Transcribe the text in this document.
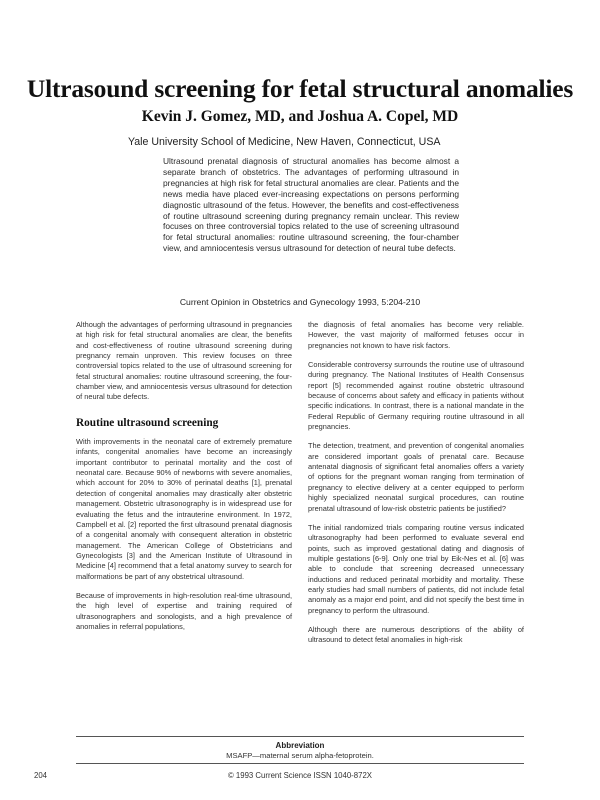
Ultrasound screening for fetal structural anomalies
Kevin J. Gomez, MD, and Joshua A. Copel, MD
Yale University School of Medicine, New Haven, Connecticut, USA
Ultrasound prenatal diagnosis of structural anomalies has become almost a separate branch of obstetrics. The advantages of performing ultrasound in pregnancies at high risk for fetal structural anomalies are clear. Patients and the news media have placed ever-increasing expectations on persons performing diagnostic ultrasound of the fetus. However, the benefits and cost-effectiveness of routine ultrasound screening during pregnancy remain unclear. This review focuses on three controversial topics related to the use of screening ultrasound for fetal structural anomalies: routine ultrasound screening, the four-chamber view, and amniocentesis versus ultrasound for detection of neural tube defects.
Current Opinion in Obstetrics and Gynecology 1993, 5:204-210

Although the advantages of performing ultrasound in pregnancies at high risk for fetal structural anomalies are clear, the benefits and cost-effectiveness of routine ultrasound screening during pregnancy remain unproven. This review focuses on three controversial topics related to the use of ultrasound screening for fetal structural anomalies: routine ultrasound screening, the four-chamber view, and amniocentesis versus ultrasound for detection of neural tube defects.

Routine ultrasound screening

With improvements in the neonatal care of extremely premature infants, congenital anomalies have become an increasingly important contributor to perinatal mortality and the cost of neonatal care. Because 90% of newborns with severe anomalies, which account for 20% to 30% of perinatal deaths [1], prenatal detection of congenital anomalies may drastically alter obstetric management. Obstetric ultrasonography is in widespread use for evaluating the fetus and the intrauterine environment. In 1972, Campbell et al. [2] reported the first ultrasound prenatal diagnosis of a congenital anomaly with consequent alteration in obstetric management. The American College of Obstetricians and Gynecologists [3] and the American Institute of Ultrasound in Medicine [4] recommend that a fetal anatomy survey to search for malformations be part of any obstetrical ultrasound.

Because of improvements in high-resolution real-time ultrasound, the high level of expertise and training required of ultrasonographers and sonologists, and a high prevalence of anomalies in referral populations,

the diagnosis of fetal anomalies has become very reliable. However, the vast majority of malformed fetuses occur in pregnancies not known to have risk factors.

Considerable controversy surrounds the routine use of ultrasound during pregnancy. The National Institutes of Health Consensus report [5] recommended against routine obstetric ultrasound because of concerns about safety and efficacy in patients without specific indications. In contrast, there is a national mandate in the Federal Republic of Germany requiring routine ultrasound in all pregnancies.

The detection, treatment, and prevention of congenital anomalies are considered important goals of prenatal care. Because antenatal diagnosis of significant fetal anomalies offers a variety of options for the pregnant woman ranging from termination of pregnancy to elective delivery at a center equipped to perform highly specialized neonatal surgical procedures, can routine prenatal ultrasound of low-risk obstetric patients be justified?

The initial randomized trials comparing routine versus indicated ultrasonography had been performed to evaluate several end points, such as improved gestational dating and diagnosis of multiple gestations [6-9]. Only one trial by Eik-Nes et al. [6] was able to conclude that screening decreased unnecessary inductions and reduced perinatal morbidity and mortality. These early studies had small numbers of patients, did not include fetal anomaly as a major end point, and did not specify the best time in pregnancy to perform the ultrasound.

Although there are numerous descriptions of the ability of ultrasound to detect fetal anomalies in high-risk

Abbreviation
MSAFP—maternal serum alpha-fetoprotein.
204	© 1993 Current Science ISSN 1040-872X
